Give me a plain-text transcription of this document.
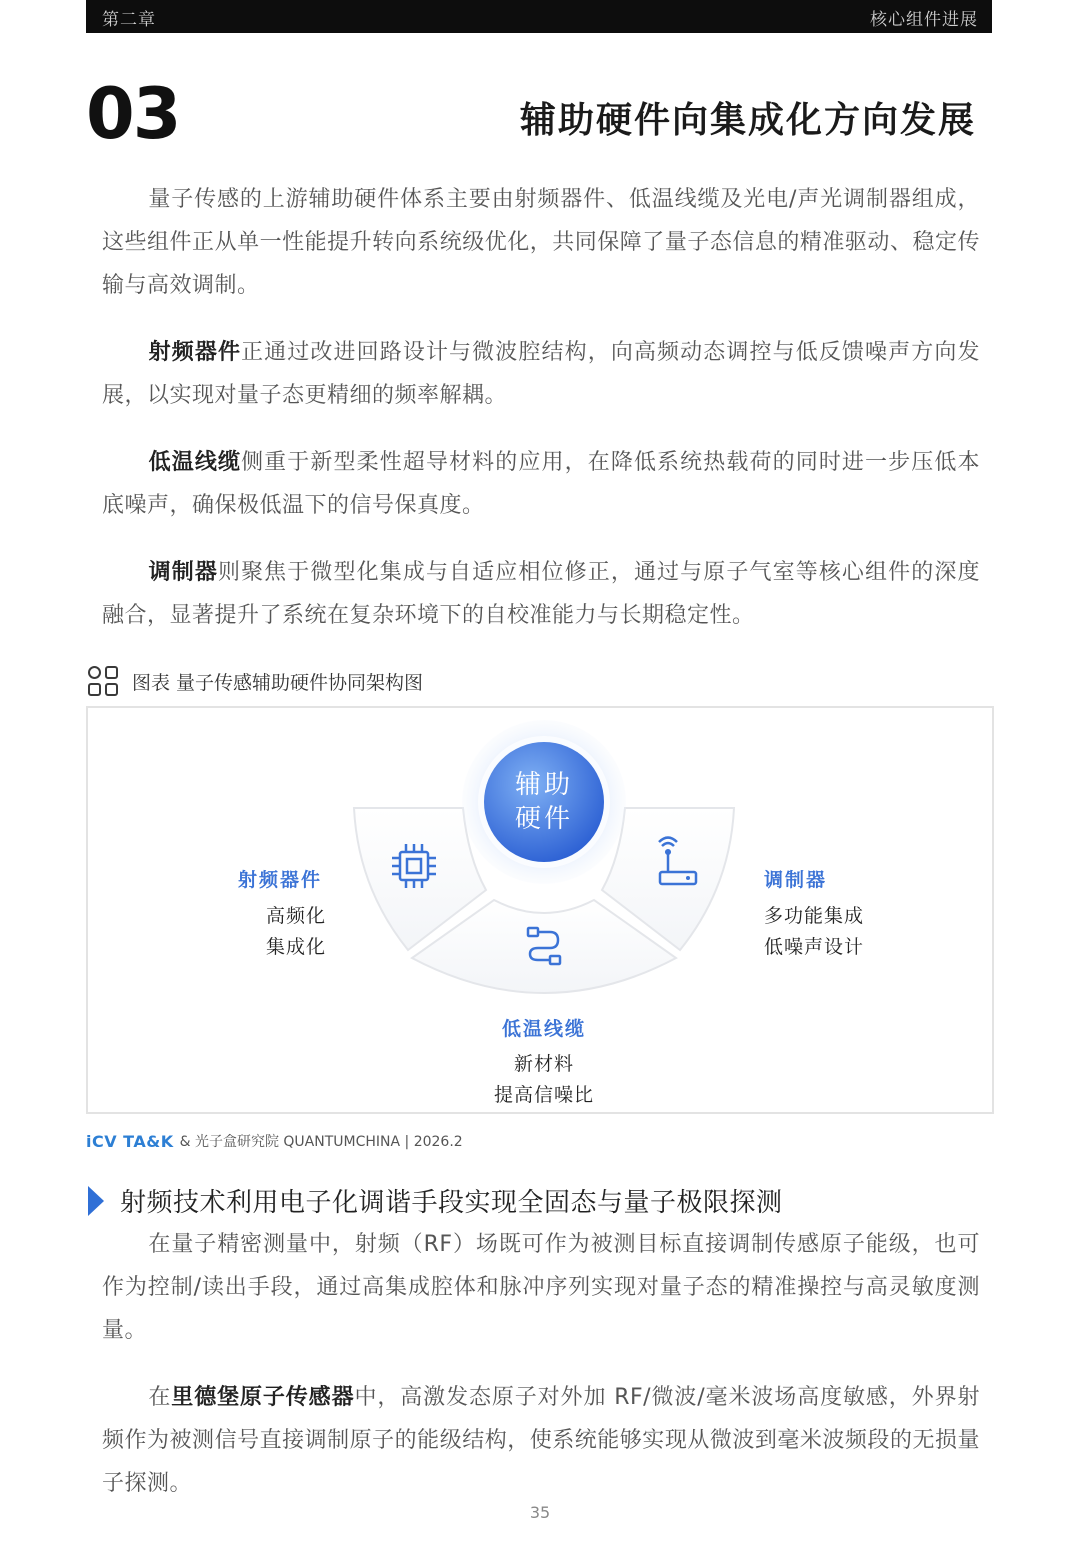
第二章	核心组件进展
03	辅助硬件向集成化方向发展

量子传感的上游辅助硬件体系主要由射频器件、低温线缆及光电/声光调制器组成，这些组件正从单一性能提升转向系统级优化，共同保障了量子态信息的精准驱动、稳定传输与高效调制。

射频器件正通过改进回路设计与微波腔结构，向高频动态调控与低反馈噪声方向发展，以实现对量子态更精细的频率解耦。

低温线缆侧重于新型柔性超导材料的应用，在降低系统热载荷的同时进一步压低本底噪声，确保极低温下的信号保真度。

调制器则聚焦于微型化集成与自适应相位修正，通过与原子气室等核心组件的深度融合，显著提升了系统在复杂环境下的自校准能力与长期稳定性。

图表 量子传感辅助硬件协同架构图
辅助
硬件
射频器件
高频化
集成化
低温线缆
新材料
提高信噪比
调制器
多功能集成
低噪声设计
iCV TA&K & 光子盒研究院 QUANTUMCHINA | 2026.2
射频技术利用电子化调谐手段实现全固态与量子极限探测

在量子精密测量中，射频（RF）场既可作为被测目标直接调制传感原子能级，也可作为控制/读出手段，通过高集成腔体和脉冲序列实现对量子态的精准操控与高灵敏度测量。

在里德堡原子传感器中，高激发态原子对外加 RF/微波/毫米波场高度敏感，外界射频作为被测信号直接调制原子的能级结构，使系统能够实现从微波到毫米波频段的无损量子探测。

35
